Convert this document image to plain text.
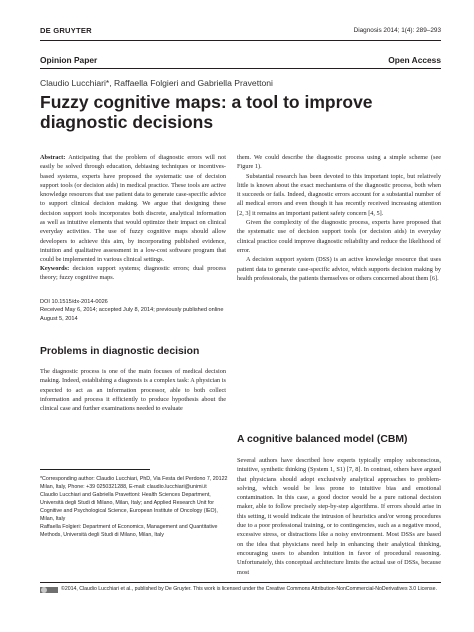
DE GRUYTER	Diagnosis 2014; 1(4): 289–293
Opinion Paper	Open Access
Claudio Lucchiari*, Raffaella Folgieri and Gabriella Pravettoni
Fuzzy cognitive maps: a tool to improve diagnostic decisions

Abstract: Anticipating that the problem of diagnostic errors will not easily be solved through education, debiasing techniques or incentives-based systems, experts have proposed the systematic use of decision support tools (or decision aids) in medical practice. These tools are active knowledge resources that use patient data to generate case-specific advice to support clinical decision making. We argue that designing these decision support tools incorporates both discrete, analytical information as well as intuitive elements that would optimize their impact on clinical everyday activities. The use of fuzzy cognitive maps should allow developers to achieve this aim, by incorporating published evidence, intuition and qualitative assessment in a low-cost software program that could be implemented in various clinical settings.

Keywords: decision support systems; diagnostic errors; dual process theory; fuzzy cognitive maps.

DOI 10.1515/dx-2014-0026

Received May 6, 2014; accepted July 8, 2014; previously published online August 5, 2014

Problems in diagnostic decision

The diagnostic process is one of the main focuses of medical decision making. Indeed, establishing a diagnosis is a complex task: A physician is expected to act as an information processor, able to both collect information and process it efficiently to produce hypothesis about the clinical case and further examinations needed to evaluate

*Corresponding author: Claudio Lucchiari, PhD, Via Festa del Perdono 7, 20122 Milan, Italy, Phone: +39 0250321288, E-mail: claudio.lucchiari@unimi.it

Claudio Lucchiari and Gabriella Pravettoni: Health Sciences Department, Università degli Studi di Milano, Milan, Italy; and Applied Research Unit for Cognitive and Psychological Science, European Institute of Oncology (IEO), Milan, Italy

Raffaella Folgieri: Department of Economics, Management and Quantitative Methods, Università degli Studi di Milano, Milan, Italy

them. We could describe the diagnostic process using a simple scheme (see Figure 1).

Substantial research has been devoted to this important topic, but relatively little is known about the exact mechanisms of the diagnostic process, both when it succeeds or fails. Indeed, diagnostic errors account for a substantial number of all medical errors and even though it has recently received increasing attention [2, 3] it remains an important patient safety concern [4, 5].

Given the complexity of the diagnostic process, experts have proposed that the systematic use of decision support tools (or decision aids) in everyday clinical practice could improve diagnostic reliability and reduce the likelihood of error.

A decision support system (DSS) is an active knowledge resource that uses patient data to generate case-specific advice, which supports decision making by health professionals, the patients themselves or others concerned about them [6].

A cognitive balanced model (CBM)

Several authors have described how experts typically employ subconscious, intuitive, synthetic thinking (System 1, S1) [7, 8]. In contrast, others have argued that physicians should adopt exclusively analytical approaches to problem-solving, which would be less prone to intuitive bias and emotional contamination. In this case, a good doctor would be a pure rational decision maker, able to follow precisely step-by-step algorithms. If errors should arise in this setting, it would indicate the intrusion of heuristics and/or wrong procedures due to a poor professional training, or to contingencies, such as a negative mood, excessive stress, or distractions like a noisy environment. Most DSSs are based on the idea that physicians need help in enhancing their analytical thinking, encouraging users to abandon intuition in favor of procedural reasoning. Unfortunately, this conceptual architecture limits the actual use of DSSs, because most

©2014, Claudio Lucchiari et al., published by De Gruyter. This work is licensed under the Creative Commons Attribution-NonCommercial-NoDerivatives 3.0 License.
